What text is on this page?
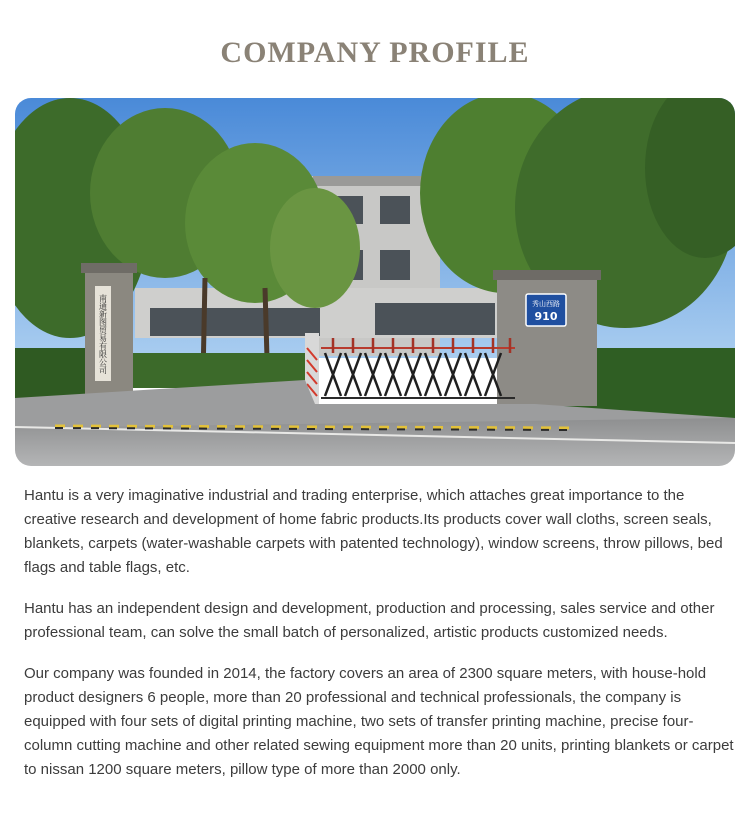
COMPANY PROFILE
南通新图贸易有限公司	秀山西路
910

Hantu is a very imaginative industrial and trading enterprise, which attaches great importance to the creative research and development of home fabric products.Its products cover wall cloths, screen seals, blankets, carpets (water-washable carpets with patented technology), window screens, throw pillows, bed flags and table flags, etc.

Hantu has an independent design and development, production and processing, sales service and other professional team, can solve the small batch of personalized, artistic products customized needs.

Our company was founded in 2014, the factory covers an area of 2300 square meters, with house-hold product designers 6 people, more than 20 professional and technical professionals, the company is equipped with four sets of digital printing machine, two sets of transfer printing machine, precise four-column cutting machine and other related sewing equipment more than 20 units, printing blankets or carpet to nissan 1200 square meters, pillow type of more than 2000 only.
